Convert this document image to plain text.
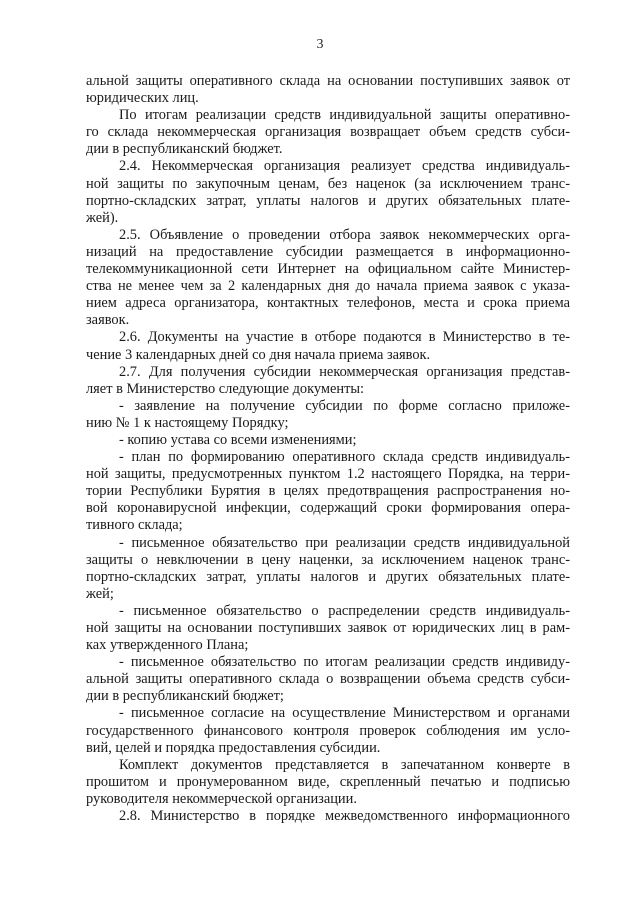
3
альной защиты оперативного склада на основании поступивших заявок от
юридических лиц.
По итогам реализации средств индивидуальной защиты оперативно-
го склада некоммерческая организация возвращает объем средств субси-
дии в республиканский бюджет.
2.4. Некоммерческая организация реализует средства индивидуаль-
ной защиты по закупочным ценам, без наценок (за исключением транс-
портно-складских затрат, уплаты налогов и других обязательных плате-
жей).
2.5. Объявление о проведении отбора заявок некоммерческих орга-
низаций на предоставление субсидии размещается в информационно-
телекоммуникационной сети Интернет на официальном сайте Министер-
ства не менее чем за 2 календарных дня до начала приема заявок с указа-
нием адреса организатора, контактных телефонов, места и срока приема
заявок.
2.6. Документы на участие в отборе подаются в Министерство в те-
чение 3 календарных дней со дня начала приема заявок.
2.7. Для получения субсидии некоммерческая организация представ-
ляет в Министерство следующие документы:
- заявление на получение субсидии по форме согласно приложе-
нию № 1 к настоящему Порядку;
- копию устава со всеми изменениями;
- план по формированию оперативного склада средств индивидуаль-
ной защиты, предусмотренных пунктом 1.2 настоящего Порядка, на терри-
тории Республики Бурятия в целях предотвращения распространения но-
вой коронавирусной инфекции, содержащий сроки формирования опера-
тивного склада;
- письменное обязательство при реализации средств индивидуальной
защиты о невключении в цену наценки, за исключением наценок транс-
портно-складских затрат, уплаты налогов и других обязательных плате-
жей;
- письменное обязательство о распределении средств индивидуаль-
ной защиты на основании поступивших заявок от юридических лиц в рам-
ках утвержденного Плана;
- письменное обязательство по итогам реализации средств индивиду-
альной защиты оперативного склада о возвращении объема средств субси-
дии в республиканский бюджет;
- письменное согласие на осуществление Министерством и органами
государственного финансового контроля проверок соблюдения им усло-
вий, целей и порядка предоставления субсидии.
Комплект документов представляется в запечатанном конверте в
прошитом и пронумерованном виде, скрепленный печатью и подписью
руководителя некоммерческой организации.
2.8. Министерство в порядке межведомственного информационного
